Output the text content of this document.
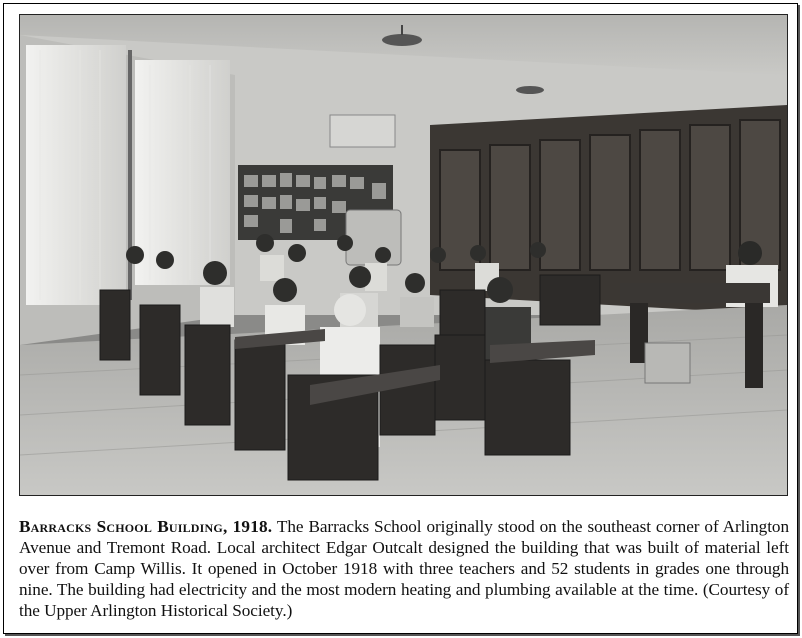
Barracks School Building, 1918. The Barracks School originally stood on the southeast corner of Arlington Avenue and Tremont Road. Local architect Edgar Outcalt designed the building that was built of material left over from Camp Willis. It opened in October 1918 with three teachers and 52 students in grades one through nine. The building had electricity and the most modern heating and plumbing available at the time. (Courtesy of the Upper Arlington Historical Society.)
